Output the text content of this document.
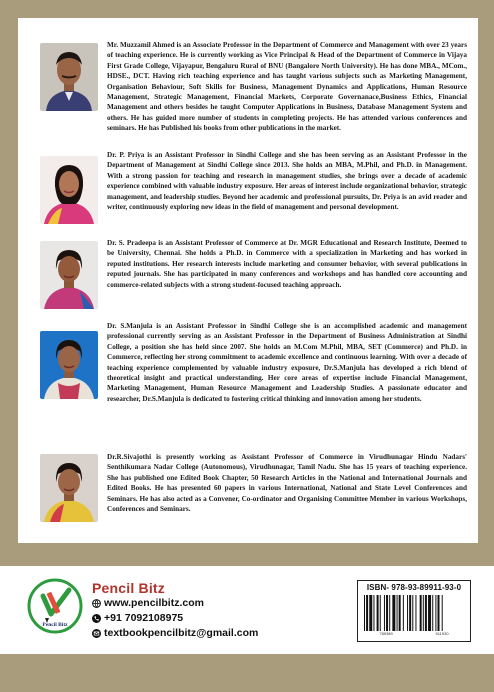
Mr. Muzzamil Ahmed is an Associate Professor in the Department of Commerce and Management with over 23 years of teaching experience. He is currently working as Vice Principal & Head of the Department of Commerce in Vijaya First Grade College, Vijayapur, Bengaluru Rural of BNU (Bangalore North University). He has done MBA., MCom., HDSE., DCT. Having rich teaching experience and has taught various subjects such as Marketing Management, Organisation Behaviour, Soft Skills for Business, Management Dynamics and Applications, Human Resource Management, Strategic Management, Financial Markets, Corporate Governanace,Business Ethics, Financial Management and others besides he taught Computer Applications in Business, Database Management System and others. He has guided more number of students in completing projects. He has attended various conferences and seminars. He has Published his books from other publications in the market.

Dr. P. Priya is an Assistant Professor in Sindhi College and she has been serving as an Assistant Professor in the Department of Management at Sindhi College since 2013. She holds an MBA, M.Phil, and Ph.D. in Management. With a strong passion for teaching and research in management studies, she brings over a decade of academic experience combined with valuable industry exposure. Her areas of interest include organizational behavior, strategic management, and leadership studies. Beyond her academic and professional pursuits, Dr. Priya is an avid reader and writer, continuously exploring new ideas in the field of management and personal development.

Dr. S. Pradeepa is an Assistant Professor of Commerce at Dr. MGR Educational and Research Institute, Deemed to be University, Chennai. She holds a Ph.D. in Commerce with a specialization in Marketing and has worked in reputed institutions. Her research interests include marketing and consumer behavior, with several publications in reputed journals. She has participated in many conferences and workshops and has handled core accounting and commerce-related subjects with a strong student-focused teaching approach.

Dr. S.Manjula is an Assistant Professor in Sindhi College she is an accomplished academic and management professional currently serving as an Assistant Professor in the Department of Business Administration at Sindhi College, a position she has held since 2007. She holds an M.Com M.Phil, MBA, SET (Commerce) and Ph.D. in Commerce, reflecting her strong commitment to academic excellence and continuous learning. With over a decade of teaching experience complemented by valuable industry exposure, Dr.S.Manjula has developed a rich blend of theoretical insight and practical understanding. Her core areas of expertise include Financial Management, Marketing Management, Human Resource Management and Leadership Studies. A passionate educator and researcher, Dr.S.Manjula is dedicated to fostering critical thinking and innovation among her students.

Dr.R.Sivajothi is presently working as Assistant Professor of Commerce in Virudhunagar Hindu Nadars' Senthikumara Nadar College (Autonomous), Virudhunagar, Tamil Nadu. She has 15 years of teaching experience. She has published one Edited Book Chapter, 50 Research Articles in the National and International Journals and Edited Books. He has presented 60 papers in various International, National and State Level Conferences and Seminars. He has also acted as a Convener, Co-ordinator and Organising Committee Member in various Workshops, Conferences and Seminars.

Pencil Bitz
Pencil Bitz
www.pencilbitz.com
+91 7092108975
textbookpencilbitz@gmail.com
ISBN- 978-93-89911-93-0
789389	911930
